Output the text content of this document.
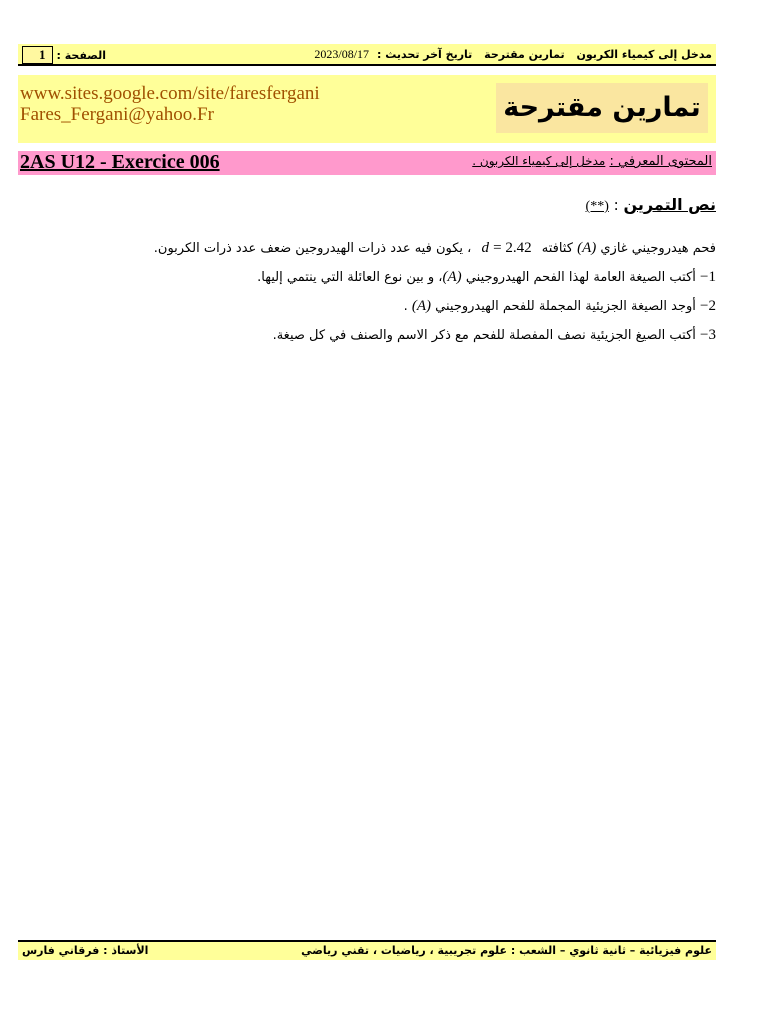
مدخل إلى كيمياء الكربون تمارين مقترحة تاريخ آخر تحديث :2023/08/17
الصفحة :
1
www.sites.google.com/site/faresfergani
Fares_Fergani@yahoo.Fr	تمارين مقترحة
2AS U12 - Exercice 006	المحتوى المعرفي : مدخل إلى كيمياء الكربون .
نص التمرين : (**)

فحم هيدروجيني غازي (A) كثافته d = 2.42 ، يكون فيه عدد ذرات الهيدروجين ضعف عدد ذرات الكربون.

1− أكتب الصيغة العامة لهذا الفحم الهيدروجيني (A)، و بين نوع العائلة التي ينتمي إليها.

2− أوجد الصيغة الجزيئية المجملة للفحم الهيدروجيني (A) .

3− أكتب الصيغ الجزيئية نصف المفصلة للفحم مع ذكر الاسم والصنف في كل صيغة.

علوم فيزيائية – ثانية ثانوي – الشعب : علوم تجريبية ، رياضيات ، تقني رياضي
الأستاذ : فرقاني فارس
